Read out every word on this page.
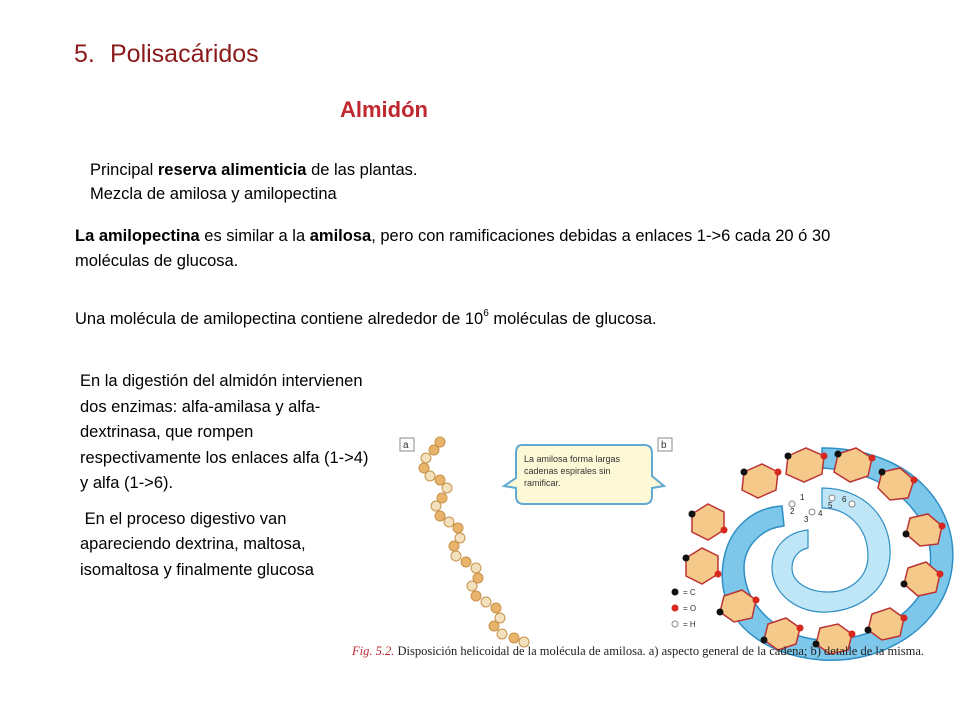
5. Polisacáridos
Almidón
Principal reserva alimenticia de las plantas.
Mezcla de amilosa y amilopectina
La amilopectina es similar a la amilosa, pero con ramificaciones debidas a enlaces 1->6 cada 20 ó 30 moléculas de glucosa.
Una molécula de amilopectina contiene alrededor de $10^6$ moléculas de glucosa.

En la digestión del almidón intervienen dos enzimas: alfa-amilasa y alfa-dextrinasa, que rompen respectivamente los enlaces alfa (1->4) y alfa (1->6).

En el proceso digestivo van apareciendo dextrina, maltosa, isomaltosa y finalmente glucosa

a
La amilosa forma largas cadenas espirales sin ramificar.
b
1
2
3
4
5
6
= C
= O
= H
Fig. 5.2. Disposición helicoidal de la molécula de amilosa. a) aspecto general de la cadena; b) detalle de la misma.
